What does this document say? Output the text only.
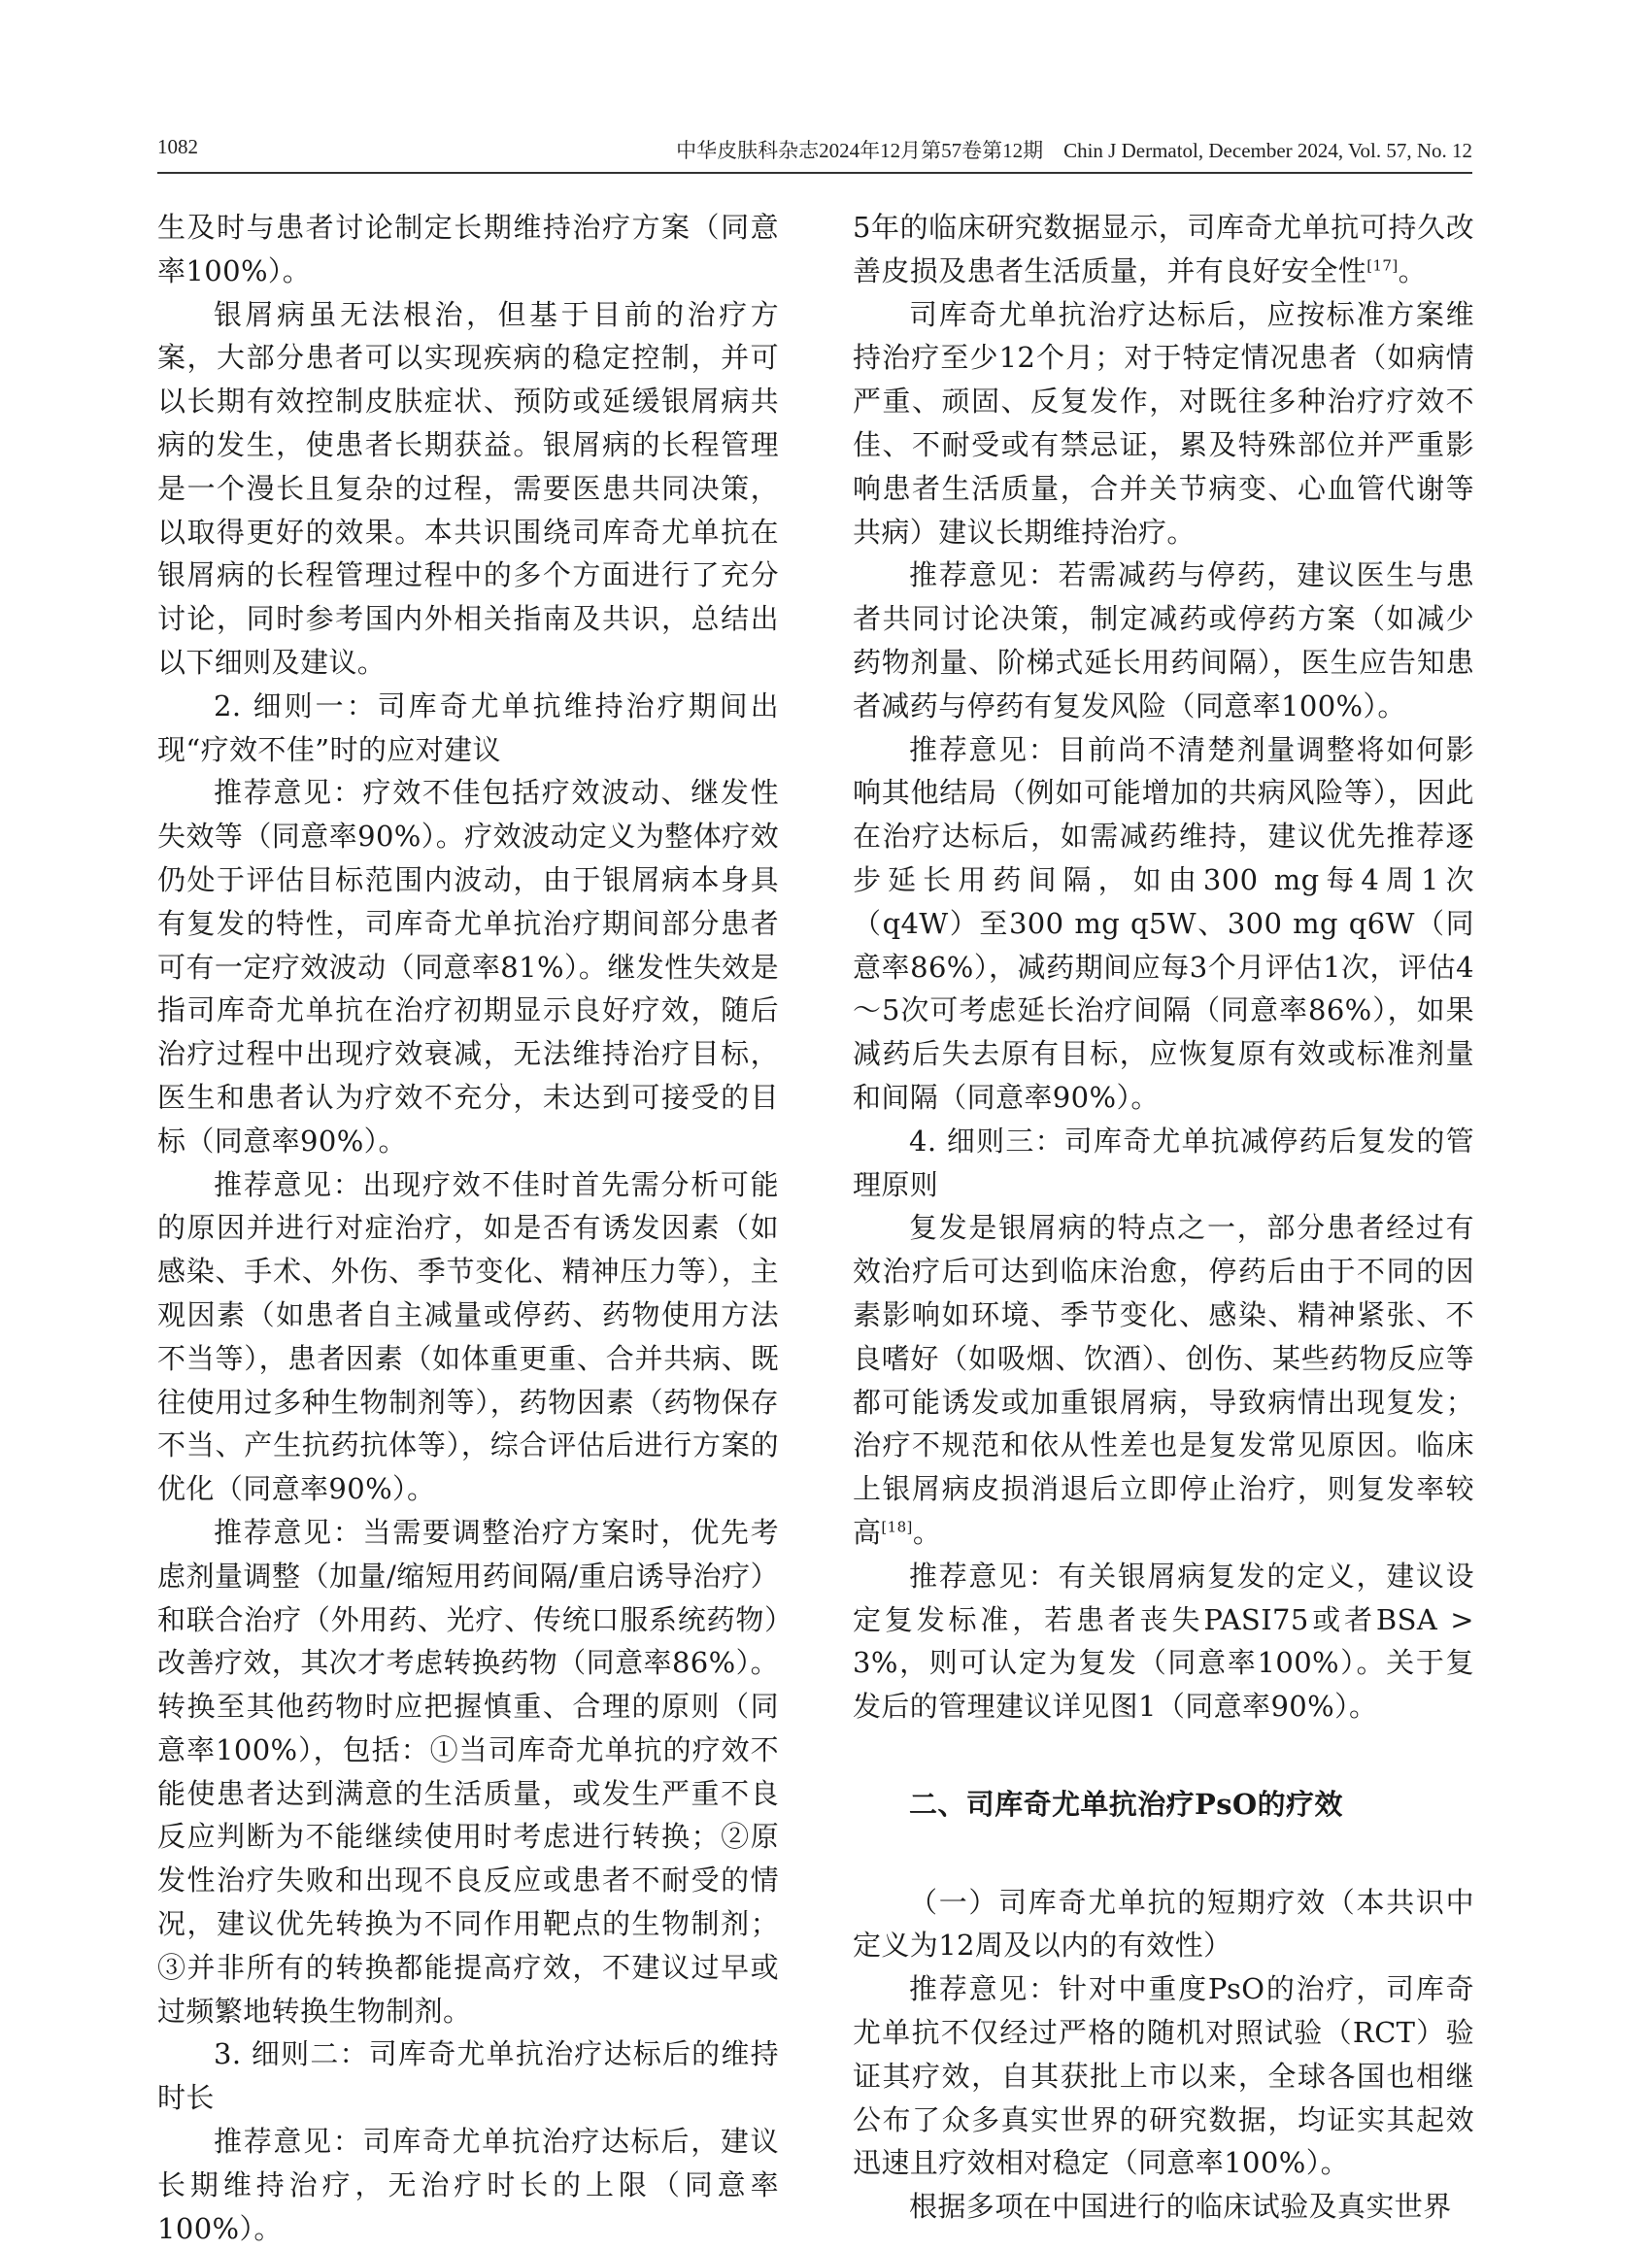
1082	中华皮肤科杂志2024年12月第57卷第12期　Chin J Dermatol, December 2024, Vol. 57, No. 12

生及时与患者讨论制定长期维持治疗方案（同意率100%）。

银屑病虽无法根治，但基于目前的治疗方案，大部分患者可以实现疾病的稳定控制，并可以长期有效控制皮肤症状、预防或延缓银屑病共病的发生，使患者长期获益。银屑病的长程管理是一个漫长且复杂的过程，需要医患共同决策，以取得更好的效果。本共识围绕司库奇尤单抗在银屑病的长程管理过程中的多个方面进行了充分讨论，同时参考国内外相关指南及共识，总结出以下细则及建议。

2. 细则一：司库奇尤单抗维持治疗期间出现“疗效不佳”时的应对建议

推荐意见：疗效不佳包括疗效波动、继发性失效等（同意率90%）。疗效波动定义为整体疗效仍处于评估目标范围内波动，由于银屑病本身具有复发的特性，司库奇尤单抗治疗期间部分患者可有一定疗效波动（同意率81%）。继发性失效是指司库奇尤单抗在治疗初期显示良好疗效，随后治疗过程中出现疗效衰减，无法维持治疗目标，医生和患者认为疗效不充分，未达到可接受的目标（同意率90%）。

推荐意见：出现疗效不佳时首先需分析可能的原因并进行对症治疗，如是否有诱发因素（如感染、手术、外伤、季节变化、精神压力等），主观因素（如患者自主减量或停药、药物使用方法不当等），患者因素（如体重更重、合并共病、既往使用过多种生物制剂等），药物因素（药物保存不当、产生抗药抗体等），综合评估后进行方案的优化（同意率90%）。

推荐意见：当需要调整治疗方案时，优先考虑剂量调整（加量/缩短用药间隔/重启诱导治疗）和联合治疗（外用药、光疗、传统口服系统药物）改善疗效，其次才考虑转换药物（同意率86%）。转换至其他药物时应把握慎重、合理的原则（同意率100%），包括：①当司库奇尤单抗的疗效不能使患者达到满意的生活质量，或发生严重不良反应判断为不能继续使用时考虑进行转换；②原发性治疗失败和出现不良反应或患者不耐受的情况，建议优先转换为不同作用靶点的生物制剂；③并非所有的转换都能提高疗效，不建议过早或过频繁地转换生物制剂。

3. 细则二：司库奇尤单抗治疗达标后的维持时长

推荐意见：司库奇尤单抗治疗达标后，建议长期维持治疗，无治疗时长的上限（同意率100%）。

5年的临床研究数据显示，司库奇尤单抗可持久改善皮损及患者生活质量，并有良好安全性[17]。

司库奇尤单抗治疗达标后，应按标准方案维持治疗至少12个月；对于特定情况患者（如病情严重、顽固、反复发作，对既往多种治疗疗效不佳、不耐受或有禁忌证，累及特殊部位并严重影响患者生活质量，合并关节病变、心血管代谢等共病）建议长期维持治疗。

推荐意见：若需减药与停药，建议医生与患者共同讨论决策，制定减药或停药方案（如减少药物剂量、阶梯式延长用药间隔），医生应告知患者减药与停药有复发风险（同意率100%）。

推荐意见：目前尚不清楚剂量调整将如何影响其他结局（例如可能增加的共病风险等），因此在治疗达标后，如需减药维持，建议优先推荐逐步延长用药间隔，如由300 mg每4周1次（q4W）至300 mg q5W、300 mg q6W（同意率86%），减药期间应每3个月评估1次，评估4～5次可考虑延长治疗间隔（同意率86%），如果减药后失去原有目标，应恢复原有效或标准剂量和间隔（同意率90%）。

4. 细则三：司库奇尤单抗减停药后复发的管理原则

复发是银屑病的特点之一，部分患者经过有效治疗后可达到临床治愈，停药后由于不同的因素影响如环境、季节变化、感染、精神紧张、不良嗜好（如吸烟、饮酒）、创伤、某些药物反应等都可能诱发或加重银屑病，导致病情出现复发；治疗不规范和依从性差也是复发常见原因。临床上银屑病皮损消退后立即停止治疗，则复发率较高[18]。

推荐意见：有关银屑病复发的定义，建议设定复发标准，若患者丧失PASI75或者BSA > 3%，则可认定为复发（同意率100%）。关于复发后的管理建议详见图1（同意率90%）。

二、司库奇尤单抗治疗PsO的疗效

（一）司库奇尤单抗的短期疗效（本共识中定义为12周及以内的有效性）

推荐意见：针对中重度PsO的治疗，司库奇尤单抗不仅经过严格的随机对照试验（RCT）验证其疗效，自其获批上市以来，全球各国也相继公布了众多真实世界的研究数据，均证实其起效迅速且疗效相对稳定（同意率100%）。

根据多项在中国进行的临床试验及真实世界
